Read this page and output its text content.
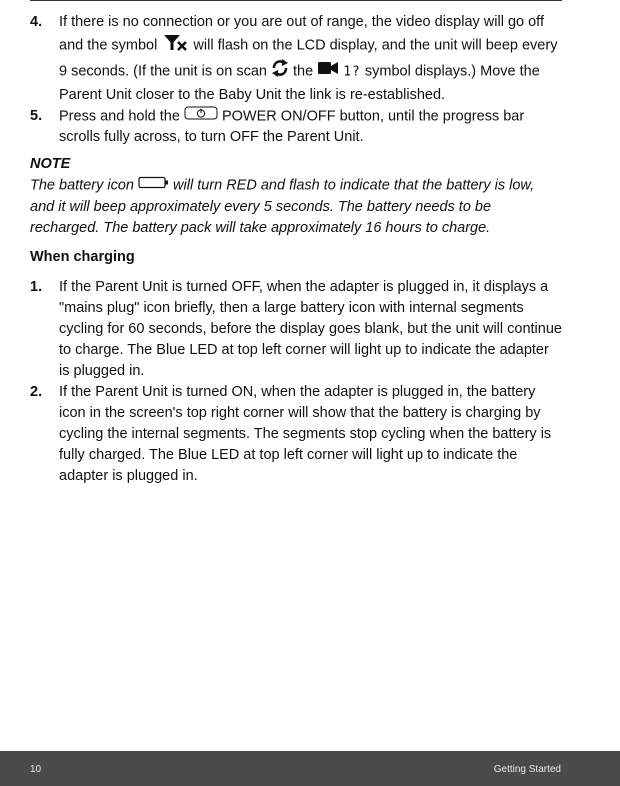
4. If there is no connection or you are out of range, the video display will go off and the symbol  will flash on the LCD display, and the unit will beep every 9 seconds. (If the unit is on scan  the  1? symbol displays.) Move the Parent Unit closer to the Baby Unit the link is re-established.
5. Press and hold the  POWER ON/OFF button, until the progress bar scrolls fully across, to turn OFF the Parent Unit.
NOTE
The battery icon  will turn RED and flash to indicate that the battery is low, and it will beep approximately every 5 seconds. The battery needs to be recharged. The battery pack will take approximately 16 hours to charge.
When charging
1. If the Parent Unit is turned OFF, when the adapter is plugged in, it displays a "mains plug" icon briefly, then a large battery icon with internal segments cycling for 60 seconds, before the display goes blank, but the unit will continue to charge. The Blue LED at top left corner will light up to indicate the adapter is plugged in.
2. If the Parent Unit is turned ON, when the adapter is plugged in, the battery icon in the screen's top right corner will show that the battery is charging by cycling the internal segments. The segments stop cycling when the battery is fully charged. The Blue LED at top left corner will light up to indicate the adapter is plugged in.
10	Getting Started
